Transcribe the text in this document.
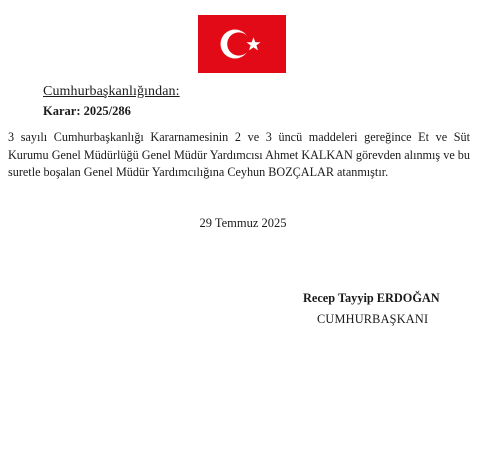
Cumhurbaşkanlığından:
Karar: 2025/286

3 sayılı Cumhurbaşkanlığı Kararnamesinin 2 ve 3 üncü maddeleri gereğince Et ve Süt Kurumu Genel Müdürlüğü Genel Müdür Yardımcısı Ahmet KALKAN görevden alınmış ve bu suretle boşalan Genel Müdür Yardımcılığına Ceyhun BOZÇALAR atanmıştır.

29 Temmuz 2025
Recep Tayyip ERDOĞAN
CUMHURBAŞKANI
